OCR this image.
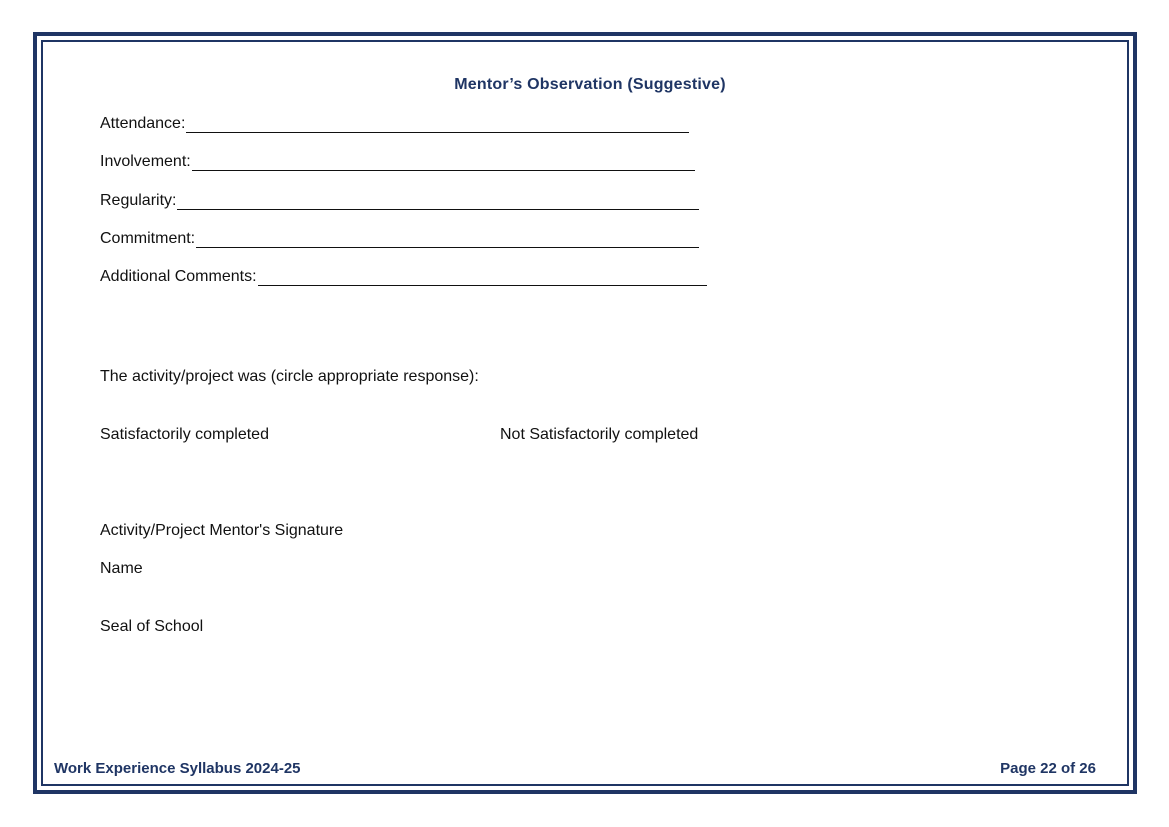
Mentor’s Observation (Suggestive)
Attendance:
Involvement:
Regularity:
Commitment:
Additional Comments:
The activity/project was (circle appropriate response):
Satisfactorily completed	Not Satisfactorily completed
Activity/Project Mentor's Signature
Name
Seal of School
Work Experience Syllabus 2024-25	Page 22 of 26
